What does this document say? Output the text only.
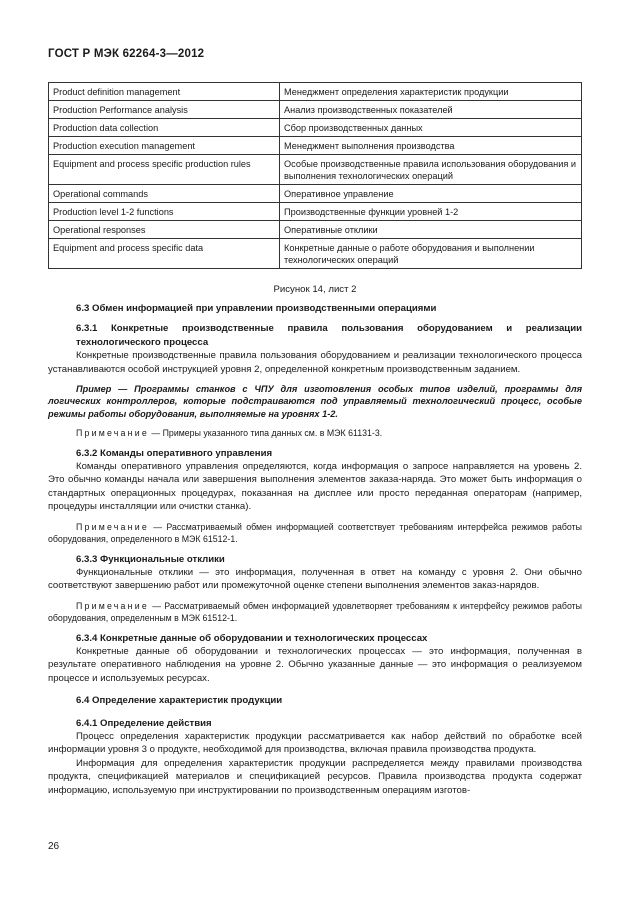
ГОСТ Р МЭК 62264-3—2012
Product definition management	Менеджмент определения характеристик продукции
Production Performance analysis	Анализ производственных показателей
Production data collection	Сбор производственных данных
Production execution management	Менеджмент выполнения производства
Equipment and process specific production rules	Особые производственные правила использования оборудования и выполнения технологических операций
Operational commands	Оперативное управление
Production level 1-2 functions	Производственные функции уровней 1-2
Operational responses	Оперативные отклики
Equipment and process specific data	Конкретные данные о работе оборудования и выполнении технологических операций
Рисунок 14, лист 2

6.3 Обмен информацией при управлении производственными операциями

6.3.1 Конкретные производственные правила пользования оборудованием и реализации технологического процесса

Конкретные производственные правила пользования оборудованием и реализации технологического процесса устанавливаются особой инструкцией уровня 2, определенной конкретным производственным заданием.

Пример — Программы станков с ЧПУ для изготовления особых типов изделий, программы для логических контроллеров, которые подстраиваются под управляемый технологический процесс, особые режимы работы оборудования, выполняемые на уровнях 1-2.

Примечание — Примеры указанного типа данных см. в МЭК 61131-3.

6.3.2 Команды оперативного управления

Команды оперативного управления определяются, когда информация о запросе направляется на уровень 2. Это обычно команды начала или завершения выполнения элементов заказа-наряда. Это может быть информация о стандартных операционных процедурах, показанная на дисплее или просто переданная операторам (например, процедуры инсталляции или очистки станка).

Примечание — Рассматриваемый обмен информацией соответствует требованиям интерфейса режимов работы оборудования, определенного в МЭК 61512-1.

6.3.3 Функциональные отклики

Функциональные отклики — это информация, полученная в ответ на команду с уровня 2. Они обычно соответствуют завершению работ или промежуточной оценке степени выполнения элементов заказ-нарядов.

Примечание — Рассматриваемый обмен информацией удовлетворяет требованиям к интерфейсу режимов работы оборудования, определенным в МЭК 61512-1.

6.3.4 Конкретные данные об оборудовании и технологических процессах

Конкретные данные об оборудовании и технологических процессах — это информация, полученная в результате оперативного наблюдения на уровне 2. Обычно указанные данные — это информация о реализуемом процессе и используемых ресурсах.

6.4 Определение характеристик продукции

6.4.1 Определение действия

Процесс определения характеристик продукции рассматривается как набор действий по обработке всей информации уровня 3 о продукте, необходимой для производства, включая правила производства продукта.

Информация для определения характеристик продукции распределяется между правилами производства продукта, спецификацией материалов и спецификацией ресурсов. Правила производства продукта содержат информацию, используемую при инструктировании по производственным операциям изготов-

26
